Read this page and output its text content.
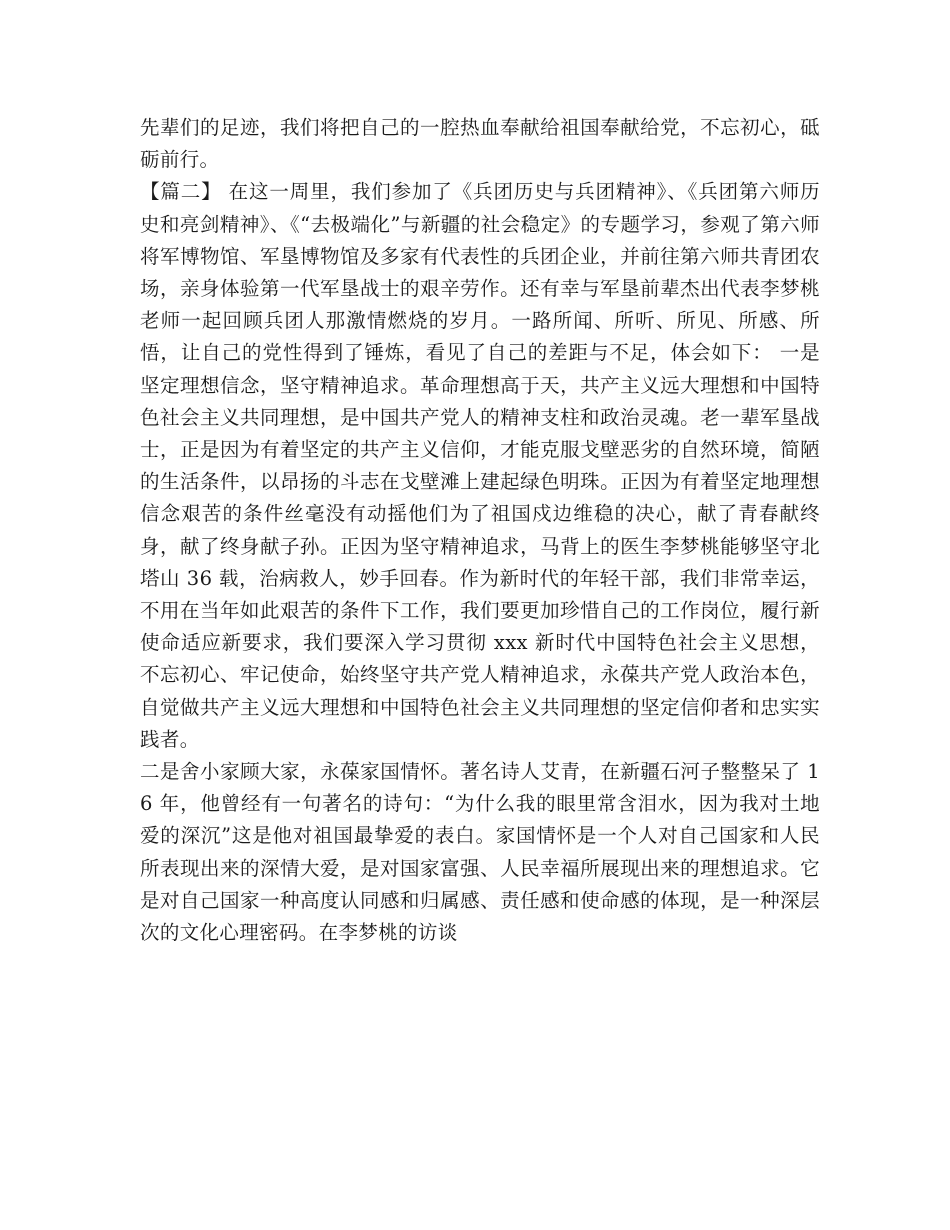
先辈们的足迹，我们将把自己的一腔热血奉献给祖国奉献给党，不忘初心，砥砺前行。

【篇二】 在这一周里，我们参加了《兵团历史与兵团精神》、《兵团第六师历史和亮剑精神》、《“去极端化”与新疆的社会稳定》的专题学习，参观了第六师将军博物馆、军垦博物馆及多家有代表性的兵团企业，并前往第六师共青团农场，亲身体验第一代军垦战士的艰辛劳作。还有幸与军垦前辈杰出代表李梦桃老师一起回顾兵团人那激情燃烧的岁月。一路所闻、所听、所见、所感、所悟，让自己的党性得到了锤炼，看见了自己的差距与不足，体会如下： 一是坚定理想信念，坚守精神追求。革命理想高于天，共产主义远大理想和中国特色社会主义共同理想，是中国共产党人的精神支柱和政治灵魂。老一辈军垦战士，正是因为有着坚定的共产主义信仰，才能克服戈壁恶劣的自然环境，简陋的生活条件，以昂扬的斗志在戈壁滩上建起绿色明珠。正因为有着坚定地理想信念艰苦的条件丝毫没有动摇他们为了祖国戍边维稳的决心，献了青春献终身，献了终身献子孙。正因为坚守精神追求，马背上的医生李梦桃能够坚守北塔山 36 载，治病救人，妙手回春。作为新时代的年轻干部，我们非常幸运，不用在当年如此艰苦的条件下工作，我们要更加珍惜自己的工作岗位，履行新使命适应新要求，我们要深入学习贯彻 xxx 新时代中国特色社会主义思想，不忘初心、牢记使命，始终坚守共产党人精神追求，永葆共产党人政治本色，自觉做共产主义远大理想和中国特色社会主义共同理想的坚定信仰者和忠实实践者。

二是舍小家顾大家，永葆家国情怀。著名诗人艾青，在新疆石河子整整呆了 16 年，他曾经有一句著名的诗句：“为什么我的眼里常含泪水，因为我对土地爱的深沉”这是他对祖国最挚爱的表白。家国情怀是一个人对自己国家和人民所表现出来的深情大爱，是对国家富强、人民幸福所展现出来的理想追求。它是对自己国家一种高度认同感和归属感、责任感和使命感的体现，是一种深层次的文化心理密码。在李梦桃的访谈
